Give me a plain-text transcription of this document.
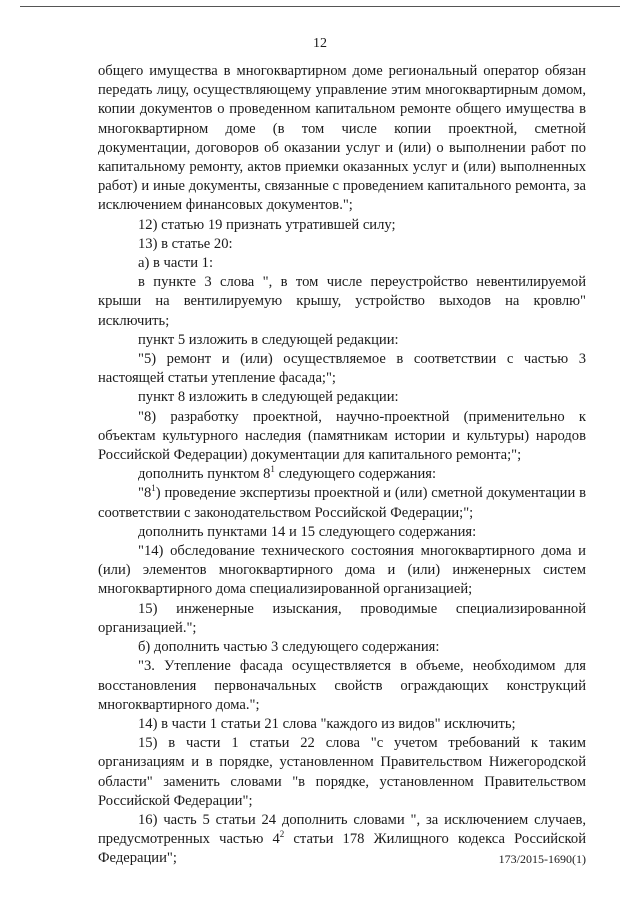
12

общего имущества в многоквартирном доме региональный оператор обязан передать лицу, осуществляющему управление этим многоквартирным домом, копии документов о проведенном капитальном ремонте общего имущества в многоквартирном доме (в том числе копии проектной, сметной документации, договоров об оказании услуг и (или) о выполнении работ по капитальному ремонту, актов приемки оказанных услуг и (или) выполненных работ) и иные документы, связанные с проведением капитального ремонта, за исключением финансовых документов.";

12) статью 19 признать утратившей силу;

13) в статье 20:

а) в части 1:

в пункте 3 слова ", в том числе переустройство невентилируемой крыши на вентилируемую крышу, устройство выходов на кровлю" исключить;

пункт 5 изложить в следующей редакции:

"5) ремонт и (или) осуществляемое в соответствии с частью 3 настоящей статьи утепление фасада;";

пункт 8 изложить в следующей редакции:

"8) разработку проектной, научно-проектной (применительно к объектам культурного наследия (памятникам истории и культуры) народов Российской Федерации) документации для капитального ремонта;";

дополнить пунктом $8^1$ следующего содержания:

"$8^1$) проведение экспертизы проектной и (или) сметной документации в соответствии с законодательством Российской Федерации;";

дополнить пунктами 14 и 15 следующего содержания:

"14) обследование технического состояния многоквартирного дома и (или) элементов многоквартирного дома и (или) инженерных систем многоквартирного дома специализированной организацией;

15) инженерные изыскания, проводимые специализированной организацией.";

б) дополнить частью 3 следующего содержания:

"3. Утепление фасада осуществляется в объеме, необходимом для восстановления первоначальных свойств ограждающих конструкций многоквартирного дома.";

14) в части 1 статьи 21 слова "каждого из видов" исключить;

15) в части 1 статьи 22 слова "с учетом требований к таким организациям и в порядке, установленном Правительством Нижегородской области" заменить словами "в порядке, установленном Правительством Российской Федерации";

16) часть 5 статьи 24 дополнить словами ", за исключением случаев, предусмотренных частью $4^2$ статьи 178 Жилищного кодекса Российской Федерации";	173/2015-1690(1)
